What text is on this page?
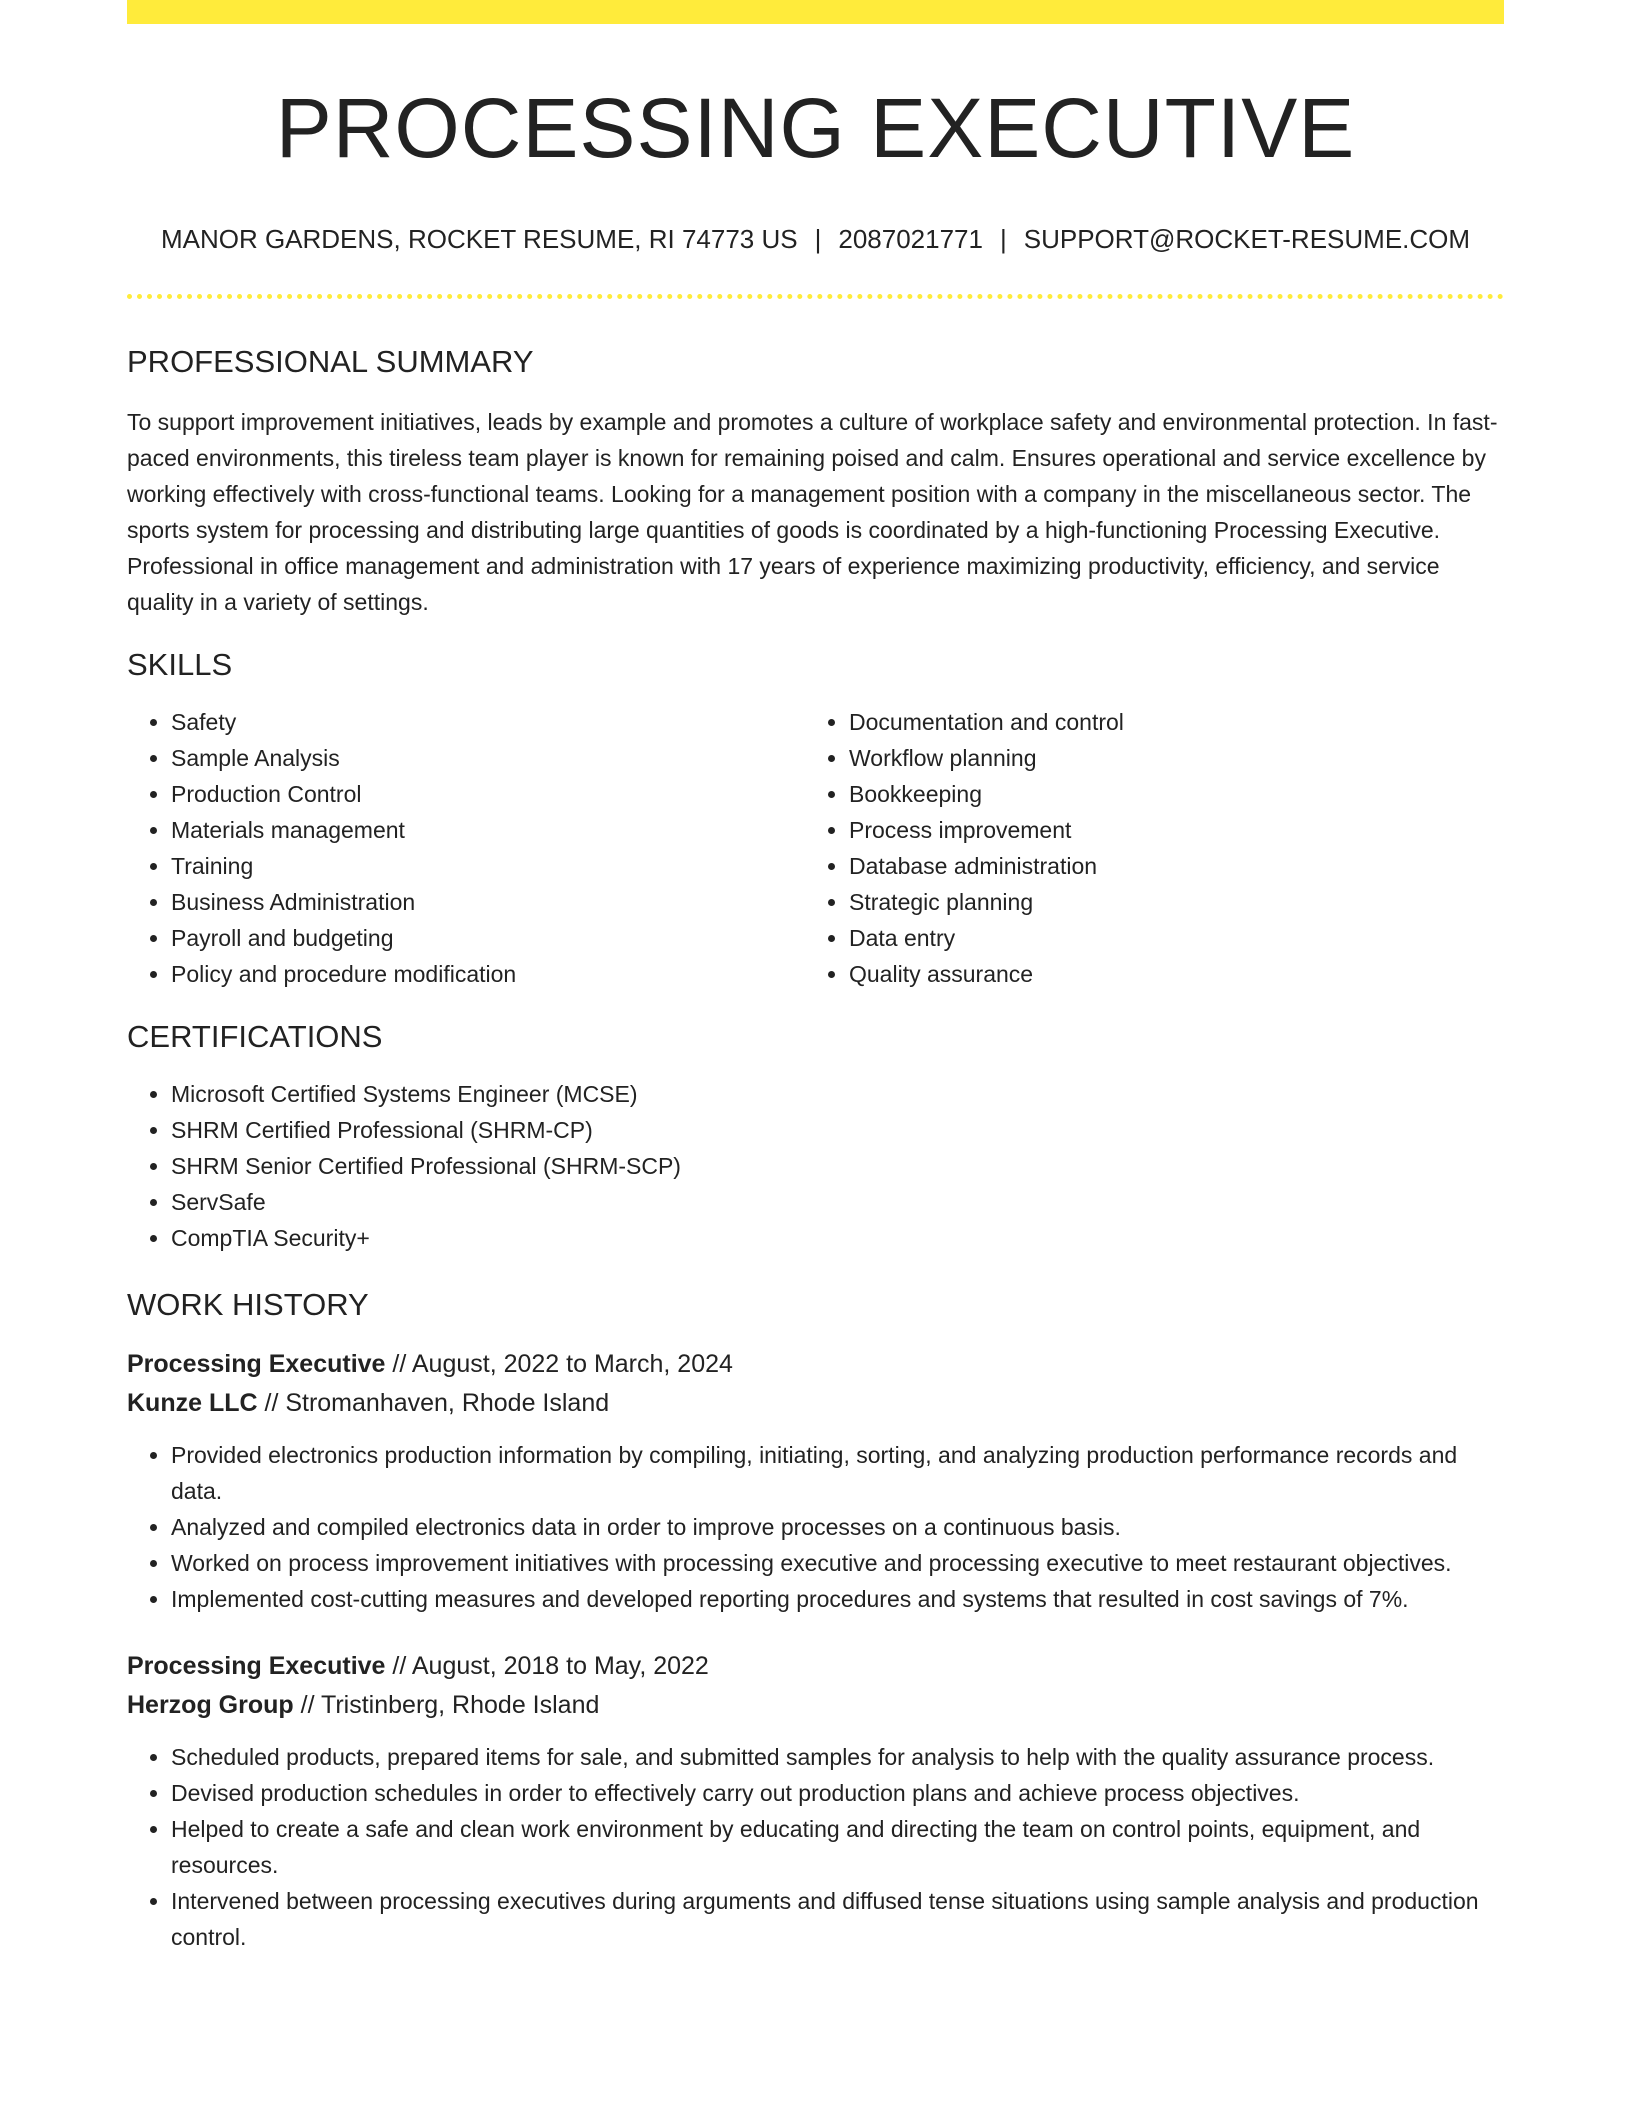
PROCESSING EXECUTIVE
MANOR GARDENS, ROCKET RESUME, RI 74773 US | 2087021771 | SUPPORT@ROCKET-RESUME.COM
PROFESSIONAL SUMMARY

To support improvement initiatives, leads by example and promotes a culture of workplace safety and environmental protection. In fast-paced environments, this tireless team player is known for remaining poised and calm. Ensures operational and service excellence by working effectively with cross-functional teams. Looking for a management position with a company in the miscellaneous sector. The sports system for processing and distributing large quantities of goods is coordinated by a high-functioning Processing Executive. Professional in office management and administration with 17 years of experience maximizing productivity, efficiency, and service quality in a variety of settings.

SKILLS
• Safety
• Sample Analysis
• Production Control
• Materials management
• Training
• Business Administration
• Payroll and budgeting
• Policy and procedure modification
• Documentation and control
• Workflow planning
• Bookkeeping
• Process improvement
• Database administration
• Strategic planning
• Data entry
• Quality assurance
CERTIFICATIONS
• Microsoft Certified Systems Engineer (MCSE)
• SHRM Certified Professional (SHRM-CP)
• SHRM Senior Certified Professional (SHRM-SCP)
• ServSafe
• CompTIA Security+
WORK HISTORY
Processing Executive // August, 2022 to March, 2024
Kunze LLC // Stromanhaven, Rhode Island
• Provided electronics production information by compiling, initiating, sorting, and analyzing production performance records and data.
• Analyzed and compiled electronics data in order to improve processes on a continuous basis.
• Worked on process improvement initiatives with processing executive and processing executive to meet restaurant objectives.
• Implemented cost-cutting measures and developed reporting procedures and systems that resulted in cost savings of 7%.
Processing Executive // August, 2018 to May, 2022
Herzog Group // Tristinberg, Rhode Island
• Scheduled products, prepared items for sale, and submitted samples for analysis to help with the quality assurance process.
• Devised production schedules in order to effectively carry out production plans and achieve process objectives.
• Helped to create a safe and clean work environment by educating and directing the team on control points, equipment, and resources.
• Intervened between processing executives during arguments and diffused tense situations using sample analysis and production control.
